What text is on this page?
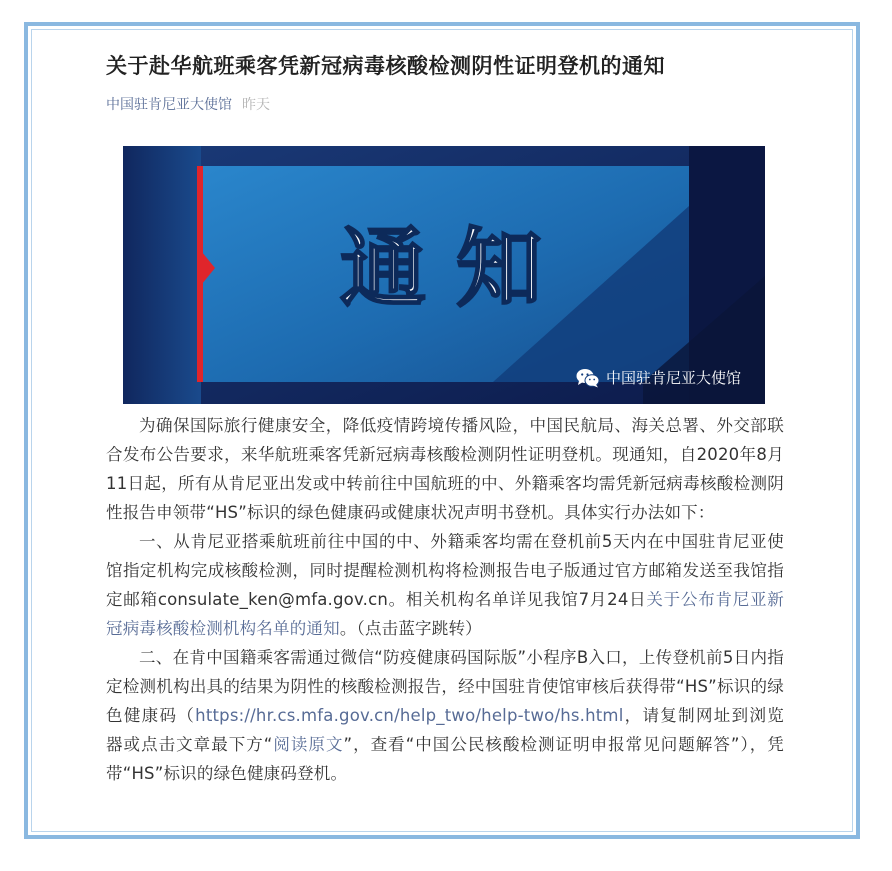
关于赴华航班乘客凭新冠病毒核酸检测阴性证明登机的通知
中国驻肯尼亚大使馆 昨天
通 知
中国驻肯尼亚大使馆

为确保国际旅行健康安全，降低疫情跨境传播风险，中国民航局、海关总署、外交部联合发布公告要求，来华航班乘客凭新冠病毒核酸检测阴性证明登机。现通知，自2020年8月11日起，所有从肯尼亚出发或中转前往中国航班的中、外籍乘客均需凭新冠病毒核酸检测阴性报告申领带“HS”标识的绿色健康码或健康状况声明书登机。具体实行办法如下：

一、从肯尼亚搭乘航班前往中国的中、外籍乘客均需在登机前5天内在中国驻肯尼亚使馆指定机构完成核酸检测，同时提醒检测机构将检测报告电子版通过官方邮箱发送至我馆指定邮箱consulate_ken@mfa.gov.cn。相关机构名单详见我馆7月24日关于公布肯尼亚新冠病毒核酸检测机构名单的通知。（点击蓝字跳转）

二、在肯中国籍乘客需通过微信“防疫健康码国际版”小程序B入口，上传登机前5日内指定检测机构出具的结果为阴性的核酸检测报告，经中国驻肯使馆审核后获得带“HS”标识的绿色健康码（https://hr.cs.mfa.gov.cn/help_two/help-two/hs.html，请复制网址到浏览器或点击文章最下方“阅读原文”，查看“中国公民核酸检测证明申报常见问题解答”），凭带“HS”标识的绿色健康码登机。
